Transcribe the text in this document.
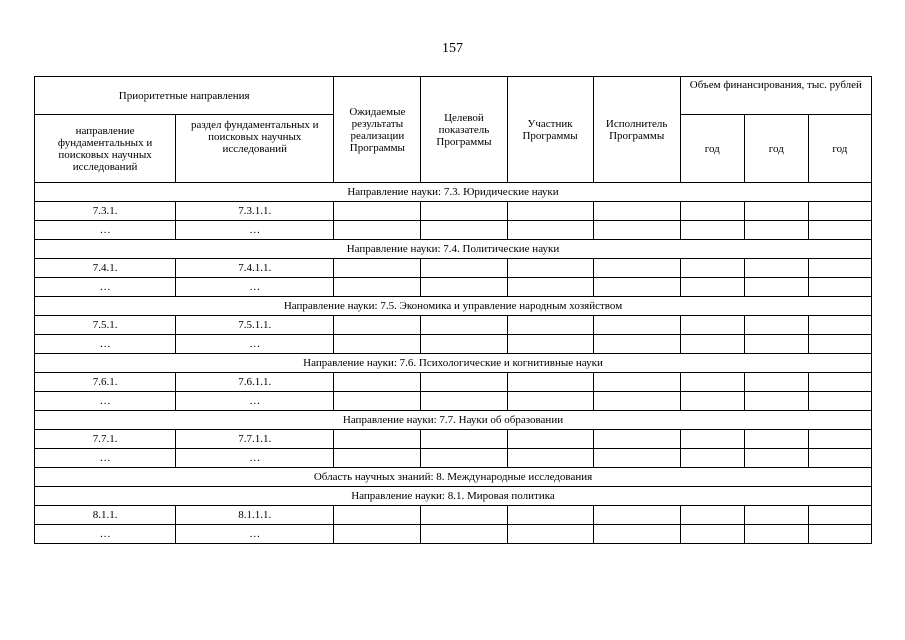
157
Приоритетные направления		Ожидаемые результаты реализации Программы	Целевой показатель Программы	Участник Программы	Исполнитель Программы	Объем финансирования, тыс. рублей		
направление фундаментальных и поисковых научных исследований	раздел фундаментальных и поисковых научных исследований					год	год	год
Направление науки: 7.3. Юридические науки								
7.3.1.	7.3.1.1.							
…	…							
Направление науки: 7.4. Политические науки								
7.4.1.	7.4.1.1.							
…	…							
Направление науки: 7.5. Экономика и управление народным хозяйством								
7.5.1.	7.5.1.1.							
…	…							
Направление науки: 7.6. Психологические и когнитивные науки								
7.6.1.	7.6.1.1.							
…	…							
Направление науки: 7.7. Науки об образовании								
7.7.1.	7.7.1.1.							
…	…							
Область научных знаний: 8. Международные исследования								
Направление науки: 8.1. Мировая политика								
8.1.1.	8.1.1.1.							
…	…							
